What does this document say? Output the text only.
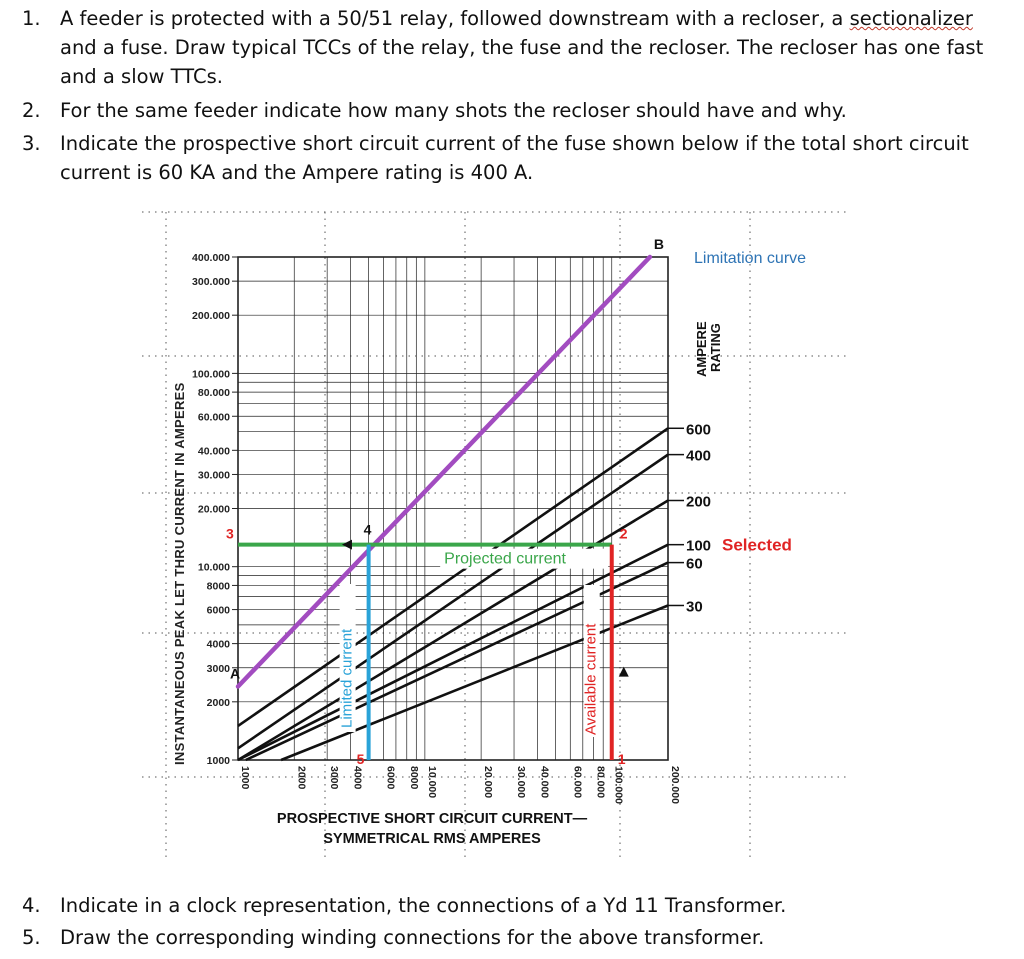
1. A feeder is protected with a 50/51 relay, followed downstream with a recloser, a sectionalizer
and a fuse. Draw typical TCCs of the relay, the fuse and the recloser. The recloser has one fast
and a slow TTCs.
2. For the same feeder indicate how many shots the recloser should have and why.
3. Indicate the prospective short circuit current of the fuse shown below if the total short circuit
current is 60 KA and the Ampere rating is 400 A.
400.000
300.000
200.000
100.000
80.000
60.000
40.000
30.000
20.000
10.000
8000
6000
4000
3000
2000
1000
1000	2000 3000 4000 6000 8000 10.000	20.000 30.000 40.000 60.000 80.000 100.000	200.000
INSTANTANEOUS PEAK LET THRU CURRENT IN AMPERES
PROSPECTIVE SHORT CIRCUIT CURRENT—
SYMMETRICAL RMS AMPERES
AMPERE RATING
600
400
200
100
60
30
Selected
Limitation curve
Projected current
Limited current	Available current
A
B
2
3	4
5	1
4. Indicate in a clock representation, the connections of a Yd 11 Transformer.
5. Draw the corresponding winding connections for the above transformer.
